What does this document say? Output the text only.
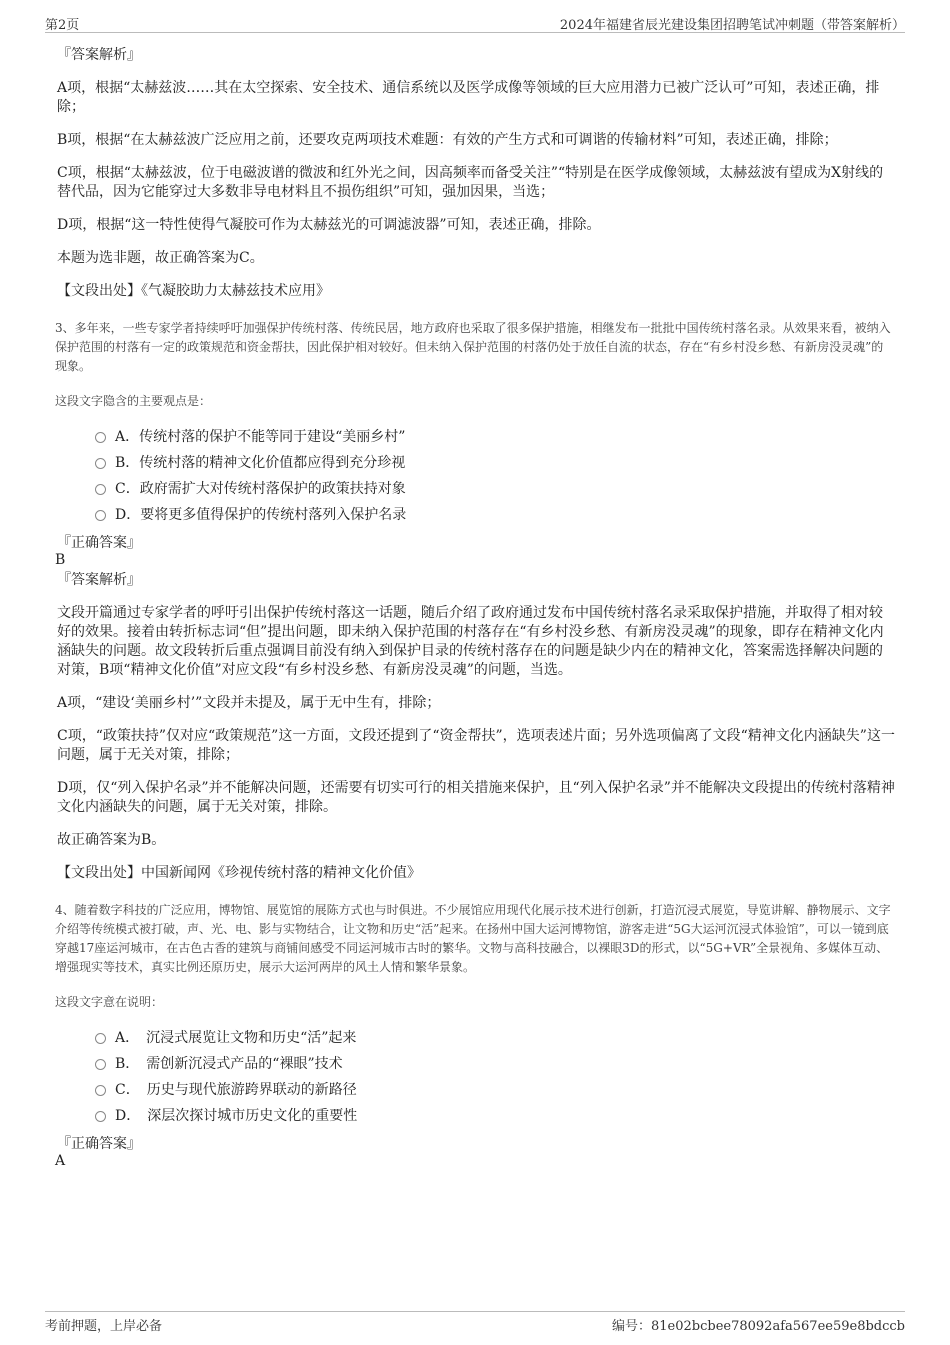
第2页	2024年福建省辰光建设集团招聘笔试冲刺题（带答案解析）
『答案解析』
A项，根据“太赫兹波……其在太空探索、安全技术、通信系统以及医学成像等领域的巨大应用潜力已被广泛认可”可知，表述正确，排除；
B项，根据“在太赫兹波广泛应用之前，还要攻克两项技术难题：有效的产生方式和可调谐的传输材料”可知，表述正确，排除；
C项，根据“太赫兹波，位于电磁波谱的微波和红外光之间，因高频率而备受关注”“特别是在医学成像领域，太赫兹波有望成为X射线的替代品，因为它能穿过大多数非导电材料且不损伤组织”可知，强加因果，当选；
D项，根据“这一特性使得气凝胶可作为太赫兹光的可调滤波器”可知，表述正确，排除。
本题为选非题，故正确答案为C。
【文段出处】《气凝胶助力太赫兹技术应用》
3、多年来，一些专家学者持续呼吁加强保护传统村落、传统民居，地方政府也采取了很多保护措施，相继发布一批批中国传统村落名录。从效果来看，被纳入保护范围的村落有一定的政策规范和资金帮扶，因此保护相对较好。但未纳入保护范围的村落仍处于放任自流的状态，存在“有乡村没乡愁、有新房没灵魂”的现象。
这段文字隐含的主要观点是：
A．传统村落的保护不能等同于建设“美丽乡村”
B．传统村落的精神文化价值都应得到充分珍视
C．政府需扩大对传统村落保护的政策扶持对象
D．要将更多值得保护的传统村落列入保护名录
『正确答案』
B
『答案解析』
文段开篇通过专家学者的呼吁引出保护传统村落这一话题，随后介绍了政府通过发布中国传统村落名录采取保护措施，并取得了相对较好的效果。接着由转折标志词“但”提出问题，即未纳入保护范围的村落存在“有乡村没乡愁、有新房没灵魂”的现象，即存在精神文化内涵缺失的问题。故文段转折后重点强调目前没有纳入到保护目录的传统村落存在的问题是缺少内在的精神文化，答案需选择解决问题的对策，B项“精神文化价值”对应文段“有乡村没乡愁、有新房没灵魂”的问题，当选。
A项，“建设‘美丽乡村’”文段并未提及，属于无中生有，排除；
C项，“政策扶持”仅对应“政策规范”这一方面，文段还提到了“资金帮扶”，选项表述片面；另外选项偏离了文段“精神文化内涵缺失”这一问题，属于无关对策，排除；
D项，仅“列入保护名录”并不能解决问题，还需要有切实可行的相关措施来保护，且“列入保护名录”并不能解决文段提出的传统村落精神文化内涵缺失的问题，属于无关对策，排除。
故正确答案为B。
【文段出处】中国新闻网《珍视传统村落的精神文化价值》
4、随着数字科技的广泛应用，博物馆、展览馆的展陈方式也与时俱进。不少展馆应用现代化展示技术进行创新，打造沉浸式展览，导览讲解、静物展示、文字介绍等传统模式被打破，声、光、电、影与实物结合，让文物和历史“活”起来。在扬州中国大运河博物馆，游客走进“5G大运河沉浸式体验馆”，可以一镜到底穿越17座运河城市，在古色古香的建筑与商铺间感受不同运河城市古时的繁华。文物与高科技融合，以裸眼3D的形式，以“5G+VR”全景视角、多媒体互动、增强现实等技术，真实比例还原历史，展示大运河两岸的风土人情和繁华景象。
这段文字意在说明：
A．　沉浸式展览让文物和历史“活”起来
B．　需创新沉浸式产品的“裸眼”技术
C．　历史与现代旅游跨界联动的新路径
D．　深层次探讨城市历史文化的重要性
『正确答案』
A
考前押题，上岸必备	编号：81e02bcbee78092afa567ee59e8bdccb
